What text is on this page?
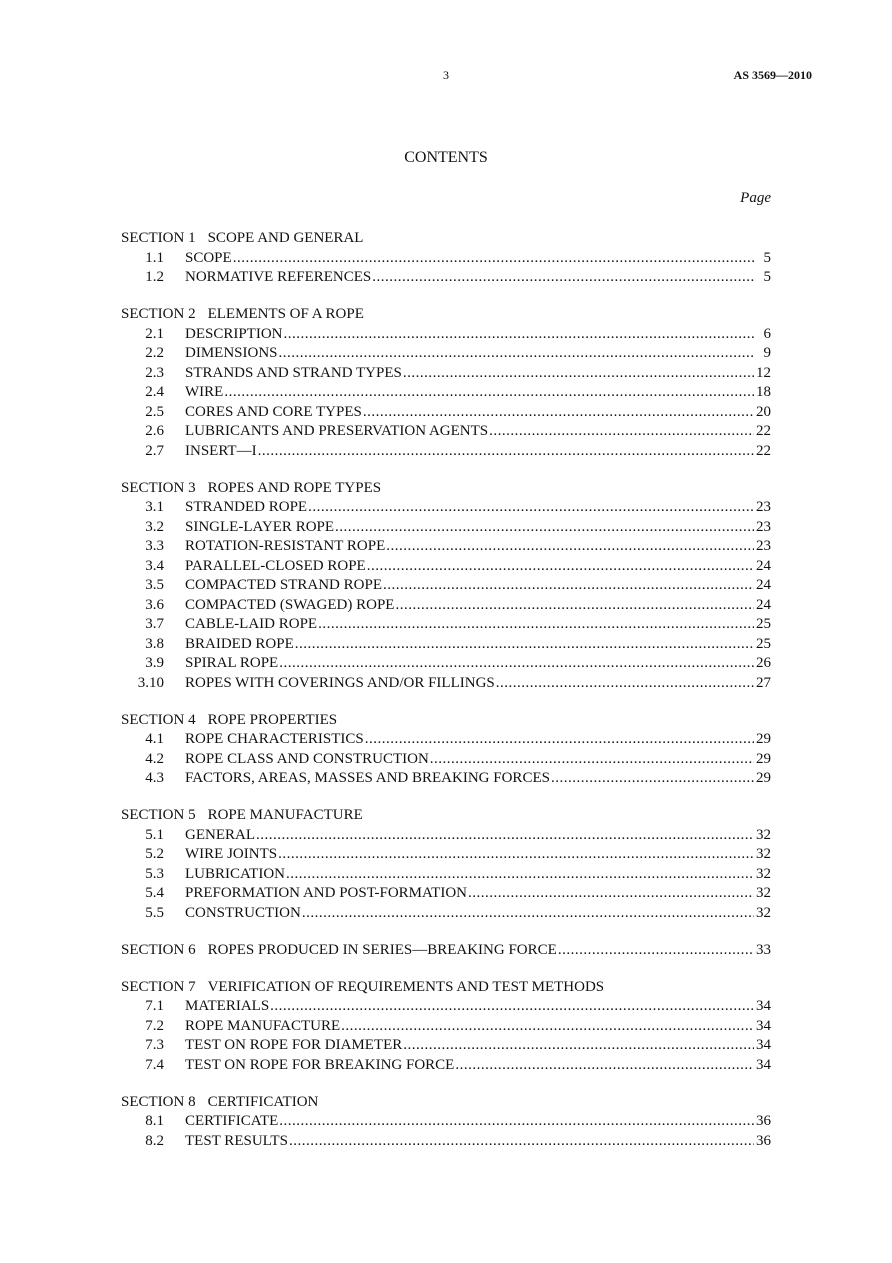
3	AS 3569—2010
CONTENTS
Page
SECTION 1 SCOPE AND GENERAL
1.1	SCOPE .....	5
1.2	NORMATIVE REFERENCES .....	5
SECTION 2 ELEMENTS OF A ROPE
2.1	DESCRIPTION .....	6
2.2	DIMENSIONS .....	9
2.3	STRANDS AND STRAND TYPES .....	12
2.4	WIRE .....	18
2.5	CORES AND CORE TYPES .....	20
2.6	LUBRICANTS AND PRESERVATION AGENTS .....	22
2.7	INSERT—I .....	22
SECTION 3 ROPES AND ROPE TYPES
3.1	STRANDED ROPE .....	23
3.2	SINGLE-LAYER ROPE .....	23
3.3	ROTATION-RESISTANT ROPE .....	23
3.4	PARALLEL-CLOSED ROPE .....	24
3.5	COMPACTED STRAND ROPE .....	24
3.6	COMPACTED (SWAGED) ROPE .....	24
3.7	CABLE-LAID ROPE .....	25
3.8	BRAIDED ROPE .....	25
3.9	SPIRAL ROPE .....	26
3.10	ROPES WITH COVERINGS AND/OR FILLINGS .....	27
SECTION 4 ROPE PROPERTIES
4.1	ROPE CHARACTERISTICS .....	29
4.2	ROPE CLASS AND CONSTRUCTION .....	29
4.3	FACTORS, AREAS, MASSES AND BREAKING FORCES .....	29
SECTION 5 ROPE MANUFACTURE
5.1	GENERAL .....	32
5.2	WIRE JOINTS .....	32
5.3	LUBRICATION .....	32
5.4	PREFORMATION AND POST-FORMATION .....	32
5.5	CONSTRUCTION .....	32
SECTION 6 ROPES PRODUCED IN SERIES—BREAKING FORCE .....	33
SECTION 7 VERIFICATION OF REQUIREMENTS AND TEST METHODS
7.1	MATERIALS .....	34
7.2	ROPE MANUFACTURE .....	34
7.3	TEST ON ROPE FOR DIAMETER .....	34
7.4	TEST ON ROPE FOR BREAKING FORCE .....	34
SECTION 8 CERTIFICATION
8.1	CERTIFICATE .....	36
8.2	TEST RESULTS .....	36
